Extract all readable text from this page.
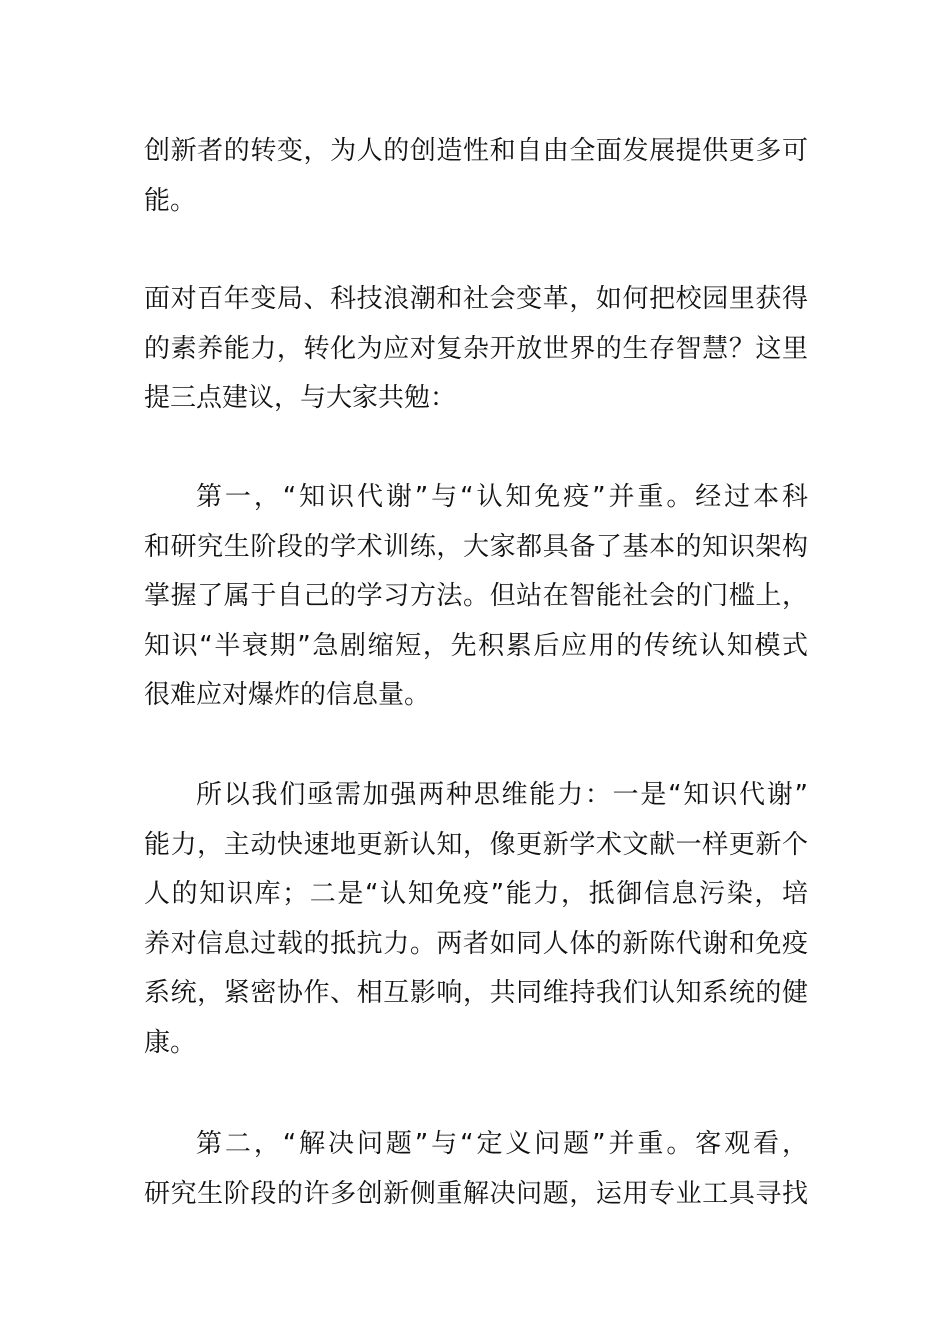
创新者的转变，为人的创造性和自由全面发展提供更多可
能。
面对百年变局、科技浪潮和社会变革，如何把校园里获得
的素养能力，转化为应对复杂开放世界的生存智慧？这里
提三点建议，与大家共勉：
第一，“知识代谢”与“认知免疫”并重。经过本科
和研究生阶段的学术训练，大家都具备了基本的知识架构
掌握了属于自己的学习方法。但站在智能社会的门槛上，
知识“半衰期”急剧缩短，先积累后应用的传统认知模式
很难应对爆炸的信息量。
所以我们亟需加强两种思维能力：一是“知识代谢”
能力，主动快速地更新认知，像更新学术文献一样更新个
人的知识库；二是“认知免疫”能力，抵御信息污染，培
养对信息过载的抵抗力。两者如同人体的新陈代谢和免疫
系统，紧密协作、相互影响，共同维持我们认知系统的健
康。
第二，“解决问题”与“定义问题”并重。客观看，
研究生阶段的许多创新侧重解决问题，运用专业工具寻找
